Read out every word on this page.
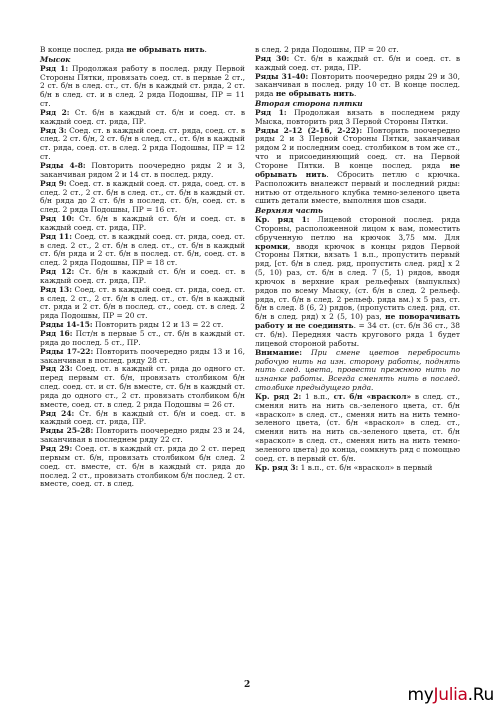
В конце послед. ряда не обрывать нить.

Мысок

Ряд 1: Продолжая работу в послед. ряду Первой Стороны Пятки, провязать соед. ст. в первые 2 ст., 2 ст. б/н в след. ст., ст. б/н в каждый ст. ряда, 2 ст. б/н в след. ст. и в след. 2 ряда Подошвы, ПР = 11 ст.

Ряд 2: Ст. б/н в каждый ст. б/н и соед. ст. в каждый соед. ст. ряда, ПР.

Ряд 3: Соед. ст. в каждый соед. ст. ряда, соед. ст. в след. 2 ст. б/н, 2 ст. б/н в след. ст., ст. б/н в каждый ст. ряда, соед. ст. в след. 2 ряда Подошвы, ПР = 12 ст.

Ряды 4-8: Повторить поочередно ряды 2 и 3, заканчивая рядом 2 и 14 ст. в послед. ряду.

Ряд 9: Соед. ст. в каждый соед. ст. ряда, соед. ст. в след. 2 ст., 2 ст. б/н в след. ст., ст. б/н в каждый ст. б/н ряда до 2 ст. б/н в послед. ст. б/н, соед. ст. в след. 2 ряда Подошвы, ПР = 16 ст.

Ряд 10: Ст. б/н в каждый ст. б/н и соед. ст. в каждый соед. ст. ряда, ПР.

Ряд 11: Соед. ст. в каждый соед. ст. ряда, соед. ст. в след. 2 ст., 2 ст. б/н в след. ст., ст. б/н в каждый ст. б/н ряда и 2 ст. б/н в послед. ст. б/н, соед. ст. в след. 2 ряда Подошвы, ПР = 18 ст.

Ряд 12: Ст. б/н в каждый ст. б/н и соед. ст. в каждый соед. ст. ряда, ПР.

Ряд 13: Соед. ст. в каждый соед. ст. ряда, соед. ст. в след. 2 ст., 2 ст. б/н в след. ст., ст. б/н в каждый ст. ряда и 2 ст. б/н в послед. ст., соед. ст. в след. 2 ряда Подошвы, ПР = 20 ст.

Ряды 14-15: Повторить ряды 12 и 13 = 22 ст.

Ряд 16: Пст/н в первые 5 ст., ст. б/н в каждый ст. ряда до послед. 5 ст., ПР.

Ряды 17-22: Повторить поочередно ряды 13 и 16, заканчивая в послед. ряду 28 ст.

Ряд 23: Соед. ст. в каждый ст. ряда до одного ст. перед первым ст. б/н, провязать столбиком б/н след. соед. ст. и ст. б/н вместе, ст. б/н в каждый ст. ряда до одного ст., 2 ст. провязать столбиком б/н вместе, соед. ст. в след. 2 ряда Подошвы = 26 ст.

Ряд 24: Ст. б/н в каждый ст. б/н и соед. ст. в каждый соед. ст. ряда, ПР.

Ряды 25-28: Повторить поочередно ряды 23 и 24, заканчивая в последнем ряду 22 ст.

Ряд 29: Соед. ст. в каждый ст. ряда до 2 ст. перед первым ст. б/н, провязать столбиком б/н след. 2 соед. ст. вместе, ст. б/н в каждый ст. ряда до послед. 2 ст., провязать столбиком б/н послед. 2 ст. вместе, соед. ст. в след.

в след. 2 ряда Подошвы, ПР = 20 ст.

Ряд 30: Ст. б/н в каждый ст. б/н и соед. ст. в каждый соед. ст. ряда, ПР.

Ряды 31-40: Повторить поочередно ряды 29 и 30, заканчивая в послед. ряду 10 ст. В конце послед. ряда не обрывать нить.

Вторая сторона пятки

Ряд 1: Продолжая вязать в последнем ряду Мыска, повторить ряд 3 Первой Стороны Пятки.

Ряды 2-12 (2-16, 2-22): Повторить поочередно ряды 2 и 3 Первой Стороны Пятки, заканчивая рядом 2 и последним соед. столбиком в том же ст., что и присоединяющий соед. ст. на Первой Стороне Пятки. В конце послед. ряда не обрывать нить. Сбросить петлю с крючка. Расположить вналежст первый и последний ряды: нитью от отдельного клубка темно-зеленого цвета сшить детали вместе, выполняя шов сзади.

Верхняя часть

Кр. ряд 1: Лицевой стороной послед. ряда Стороны, расположенной лицом к вам, поместить сбрученную петлю на крючок 3,75 мм. Для кромки, вводя крючок в концы рядов Первой Стороны Пятки, вязать 1 в.п., пропустить первый ряд, [ст. б/н в след. ряд, пропустить след. ряд] х 2 (5, 10) раз, ст. б/н в след. 7 (5, 1) рядов, вводя крючок в верхние края рельефных (выпуклых) рядов по всему Мыску, (ст. б/н в след. 2 рельеф. ряда, ст. б/н в след. 2 рельеф. ряда вм.) х 5 раз, ст. б/н в след. 8 (6, 2) рядов, (пропустить след. ряд, ст. б/н в след. ряд) х 2 (5, 10) раз, не поворачивать работу и не соединять. = 34 ст. (ст. б/н 36 ст., 38 ст. б/н). Передняя часть кругового ряда 1 будет лицевой стороной работы.

Внимание: При смене цветов перебросить рабочую нить на изн. сторону работы, поднять нить след. цвета, провести прежнюю нить по изнанке работы. Всегда сменять нить в послед. столбике предыдущего ряда.

Кр. ряд 2: 1 в.п., ст. б/н «враскол» в след. ст., сменяя нить на нить св.-зеленого цвета, ст. б/н «враскол» в след. ст., сменяя нить на нить темно-зеленого цвета, (ст. б/н «враскол» в след. ст., сменяя нить на нить св.-зеленого цвета, ст. б/н «враскол» в след. ст., сменяя нить на нить темно-зеленого цвета) до конца, сомкнуть ряд с помощью соед. ст. в первый ст. б/н.

Кр. ряд 3: 1 в.п., ст. б/н «враскол» в первый

2	myJulia.Ru
